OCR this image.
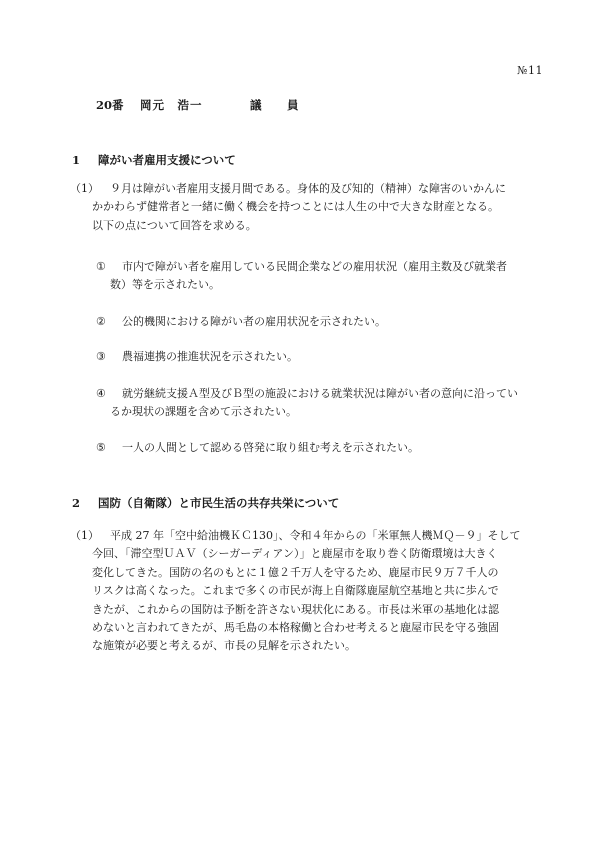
№11
20番 岡元　浩一	議　員
1 障がい者雇用支援について
（1）	９月は障がい者雇用支援月間である。身体的及び知的（精神）な障害のいかんに
かかわらず健常者と一緒に働く機会を持つことには人生の中で大きな財産となる。
以下の点について回答を求める。
① 市内で障がい者を雇用している民間企業などの雇用状況（雇用主数及び就業者
数）等を示されたい。
② 公的機関における障がい者の雇用状況を示されたい。
③ 農福連携の推進状況を示されたい。
④ 就労継続支援Ａ型及びＢ型の施設における就業状況は障がい者の意向に沿ってい
るか現状の課題を含めて示されたい。
⑤ 一人の人間として認める啓発に取り組む考えを示されたい。
2 国防（自衛隊）と市民生活の共存共栄について
（1）	平成 27 年「空中給油機ＫＣ130」、令和４年からの「米軍無人機ＭＱ－９」そして
今回、「滞空型ＵＡＶ（シーガーディアン）」と鹿屋市を取り巻く防衛環境は大きく
変化してきた。国防の名のもとに１億２千万人を守るため、鹿屋市民９万７千人の
リスクは高くなった。これまで多くの市民が海上自衛隊鹿屋航空基地と共に歩んで
きたが、これからの国防は予断を許さない現状化にある。市長は米軍の基地化は認
めないと言われてきたが、馬毛島の本格稼働と合わせ考えると鹿屋市民を守る強固
な施策が必要と考えるが、市長の見解を示されたい。
